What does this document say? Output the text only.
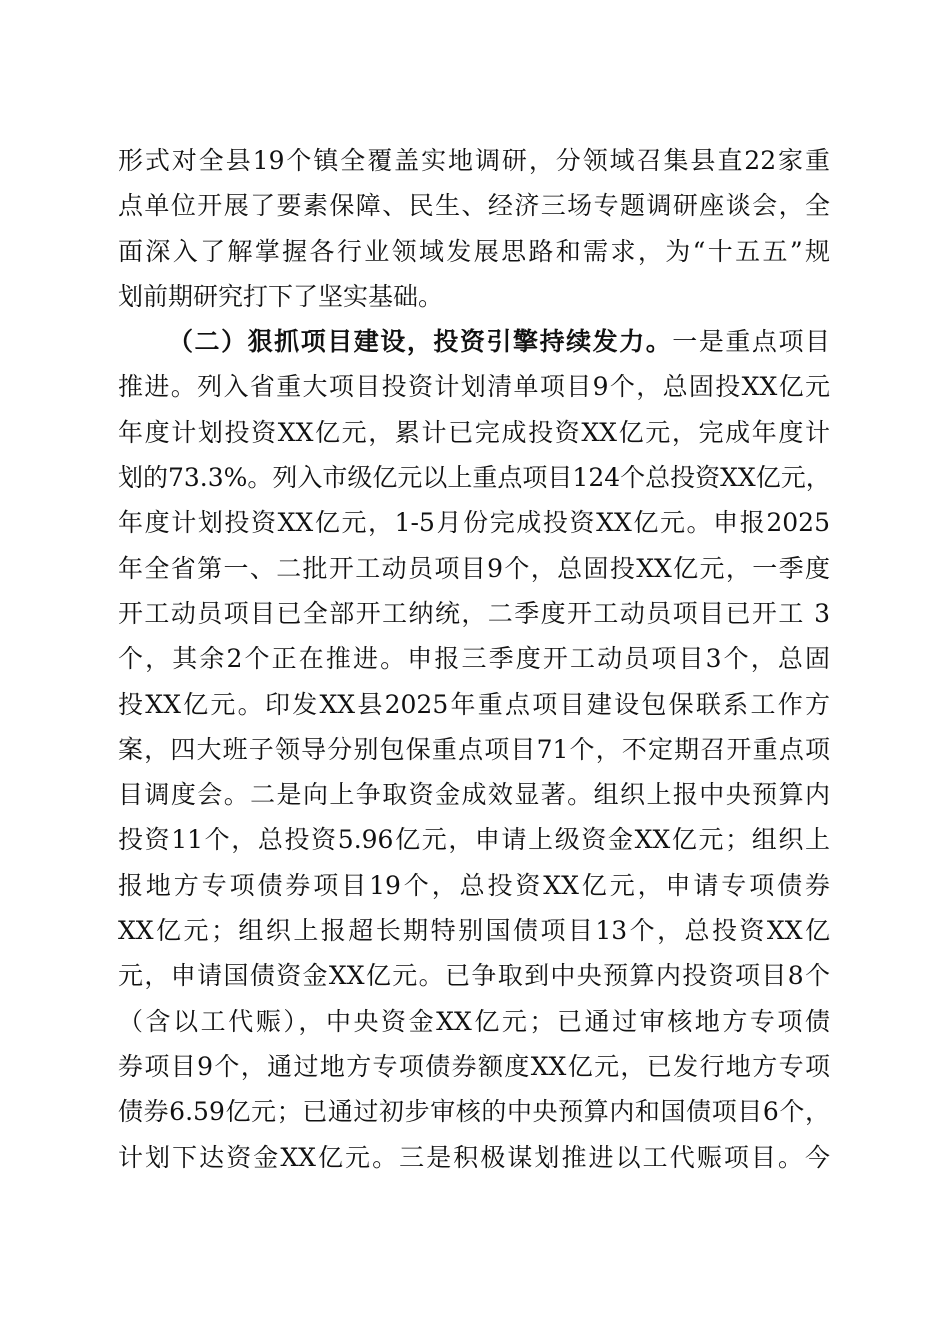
形式对全县19个镇全覆盖实地调研，分领域召集县直22家重
点单位开展了要素保障、民生、经济三场专题调研座谈会，全
面深入了解掌握各行业领域发展思路和需求，为“十五五”规
划前期研究打下了坚实基础。
（二）狠抓项目建设，投资引擎持续发力。一是重点项目
推进。列入省重大项目投资计划清单项目9个，总固投XX亿元
年度计划投资XX亿元，累计已完成投资XX亿元，完成年度计
划的73.3%。列入市级亿元以上重点项目124个总投资XX亿元，
年度计划投资XX亿元，1-5月份完成投资XX亿元。申报2025
年全省第一、二批开工动员项目9个，总固投XX亿元，一季度
开工动员项目已全部开工纳统，二季度开工动员项目已开工 3
个，其余2个正在推进。申报三季度开工动员项目3个，总固
投XX亿元。印发XX县2025年重点项目建设包保联系工作方
案，四大班子领导分别包保重点项目71个，不定期召开重点项
目调度会。二是向上争取资金成效显著。组织上报中央预算内
投资11个，总投资5.96亿元，申请上级资金XX亿元；组织上
报地方专项债券项目19个，总投资XX亿元，申请专项债券
XX亿元；组织上报超长期特别国债项目13个，总投资XX亿
元，申请国债资金XX亿元。已争取到中央预算内投资项目8个
（含以工代赈），中央资金XX亿元；已通过审核地方专项债
券项目9个，通过地方专项债券额度XX亿元，已发行地方专项
债券6.59亿元；已通过初步审核的中央预算内和国债项目6个，
计划下达资金XX亿元。三是积极谋划推进以工代赈项目。今
